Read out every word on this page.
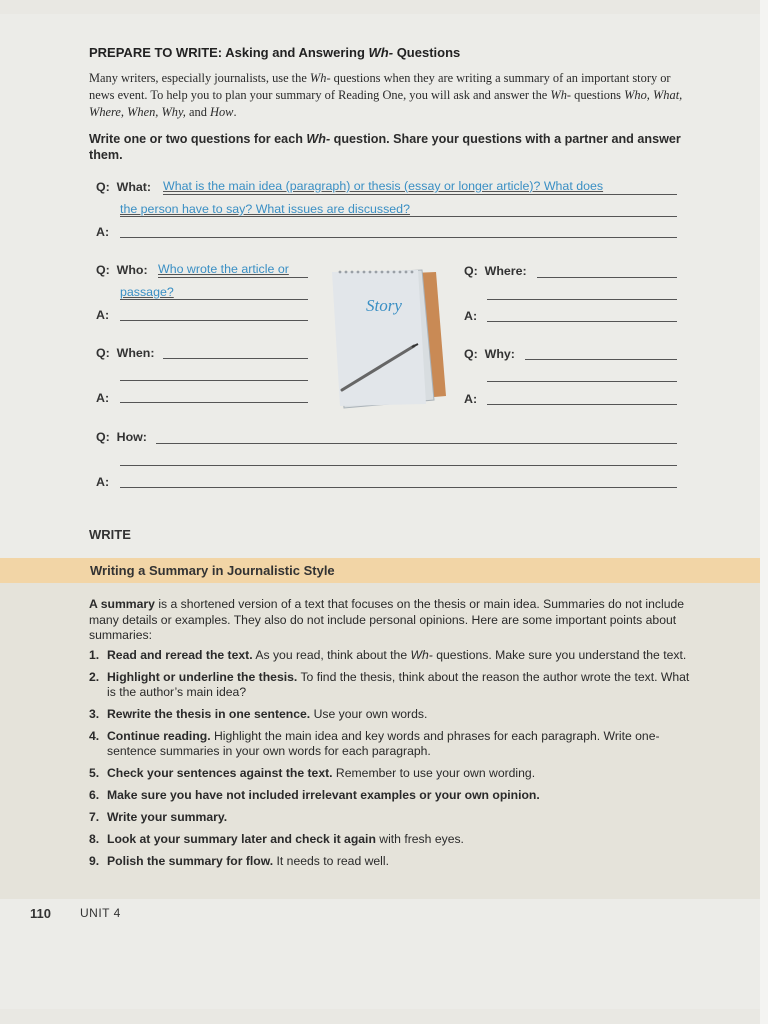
PREPARE TO WRITE: Asking and Answering Wh- Questions
Many writers, especially journalists, use the Wh- questions when they are writing a summary of an important story or news event. To help you to plan your summary of Reading One, you will ask and answer the Wh- questions Who, What, Where, When, Why, and How.
Write one or two questions for each Wh- question. Share your questions with a partner and answer them.
Q: What: What is the main idea (paragraph) or thesis (essay or longer article)? What does
the person have to say? What issues are discussed?
A:
Q: Who: Who wrote the article or
passage?
A:
Q: Where:
A:
Q: When:
A:
Q: Why:
A:
Q: How:
A:
Story
WRITE
Writing a Summary in Journalistic Style
A summary is a shortened version of a text that focuses on the thesis or main idea. Summaries do not include many details or examples. They also do not include personal opinions. Here are some important points about summaries:
1. Read and reread the text. As you read, think about the Wh- questions. Make sure you understand the text.
2. Highlight or underline the thesis. To find the thesis, think about the reason the author wrote the text. What is the author’s main idea?
3. Rewrite the thesis in one sentence. Use your own words.
4. Continue reading. Highlight the main idea and key words and phrases for each paragraph. Write one-sentence summaries in your own words for each paragraph.
5. Check your sentences against the text. Remember to use your own wording.
6. Make sure you have not included irrelevant examples or your own opinion.
7. Write your summary.
8. Look at your summary later and check it again with fresh eyes.
9. Polish the summary for flow. It needs to read well.
110 UNIT 4
